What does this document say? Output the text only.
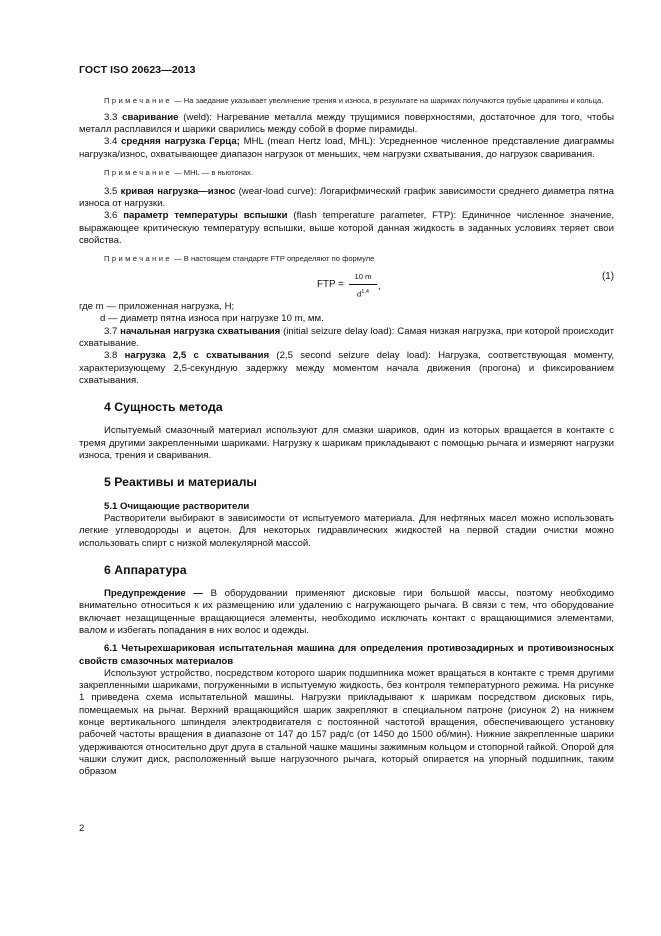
ГОСТ ISO 20623—2013

Примечание — На заедание указывает увеличение трения и износа, в результате на шариках получаются грубые царапины и кольца.

3.3 сваривание (weld): Нагревание металла между трущимися поверхностями, достаточное для того, чтобы металл расплавился и шарики сварились между собой в форме пирамиды.

3.4 средняя нагрузка Герца; MHL (mean Hertz load, MHL): Усредненное численное представление диаграммы нагрузка/износ, охватывающее диапазон нагрузок от меньших, чем нагрузки схватывания, до нагрузок сваривания.

Примечание — MHL — в ньютонах.

3.5 кривая нагрузка—износ (wear-load curve): Логарифмический график зависимости среднего диаметра пятна износа от нагрузки.

3.6 параметр температуры вспышки (flash temperature parameter, FTP): Единичное численное значение, выражающее критическую температуру вспышки, выше которой данная жидкость в заданных условиях теряет свои свойства.

Примечание — В настоящем стандарте FTP определяют по формуле

FTP = $\frac{10 m}{d^{1,4}}$ ,
(1)

где m — приложенная нагрузка, Н;

d — диаметр пятна износа при нагрузке 10 m, мм.

3.7 начальная нагрузка схватывания (initial seizure delay load): Самая низкая нагрузка, при которой происходит схватывание.

3.8 нагрузка 2,5 с схватывания (2,5 second seizure delay load): Нагрузка, соответствующая моменту, характеризующему 2,5-секундную задержку между моментом начала движения (прогона) и фиксированием схватывания.

4 Сущность метода

Испытуемый смазочный материал используют для смазки шариков, один из которых вращается в контакте с тремя другими закрепленными шариками. Нагрузку к шарикам прикладывают с помощью рычага и измеряют нагрузки износа, трения и сваривания.

5 Реактивы и материалы

5.1 Очищающие растворители

Растворители выбирают в зависимости от испытуемого материала. Для нефтяных масел можно использовать легкие углеводороды и ацетон. Для некоторых гидравлических жидкостей на первой стадии очистки можно использовать спирт с низкой молекулярной массой.

6 Аппаратура

Предупреждение — В оборудовании применяют дисковые гири большой массы, поэтому необходимо внимательно относиться к их размещению или удалению с нагружающего рычага. В связи с тем, что оборудование включает незащищенные вращающиеся элементы, необходимо исключать контакт с вращающимися элементами, валом и избегать попадания в них волос и одежды.

6.1 Четырехшариковая испытательная машина для определения противозадирных и противоизносных свойств смазочных материалов

Используют устройство, посредством которого шарик подшипника может вращаться в контакте с тремя другими закрепленными шариками, погруженными в испытуемую жидкость, без контроля температурного режима. На рисунке 1 приведена схема испытательной машины. Нагрузки прикладывают к шарикам посредством дисковых гирь, помещаемых на рычаг. Верхний вращающийся шарик закрепляют в специальном патроне (рисунок 2) на нижнем конце вертикального шпинделя электродвигателя с постоянной частотой вращения, обеспечивающего установку рабочей частоты вращения в диапазоне от 147 до 157 рад/с (от 1450 до 1500 об/мин). Нижние закрепленные шарики удерживаются относительно друг друга в стальной чашке машины зажимным кольцом и стопорной гайкой. Опорой для чашки служит диск, расположенный выше нагрузочного рычага, который опирается на упорный подшипник, таким образом

2
